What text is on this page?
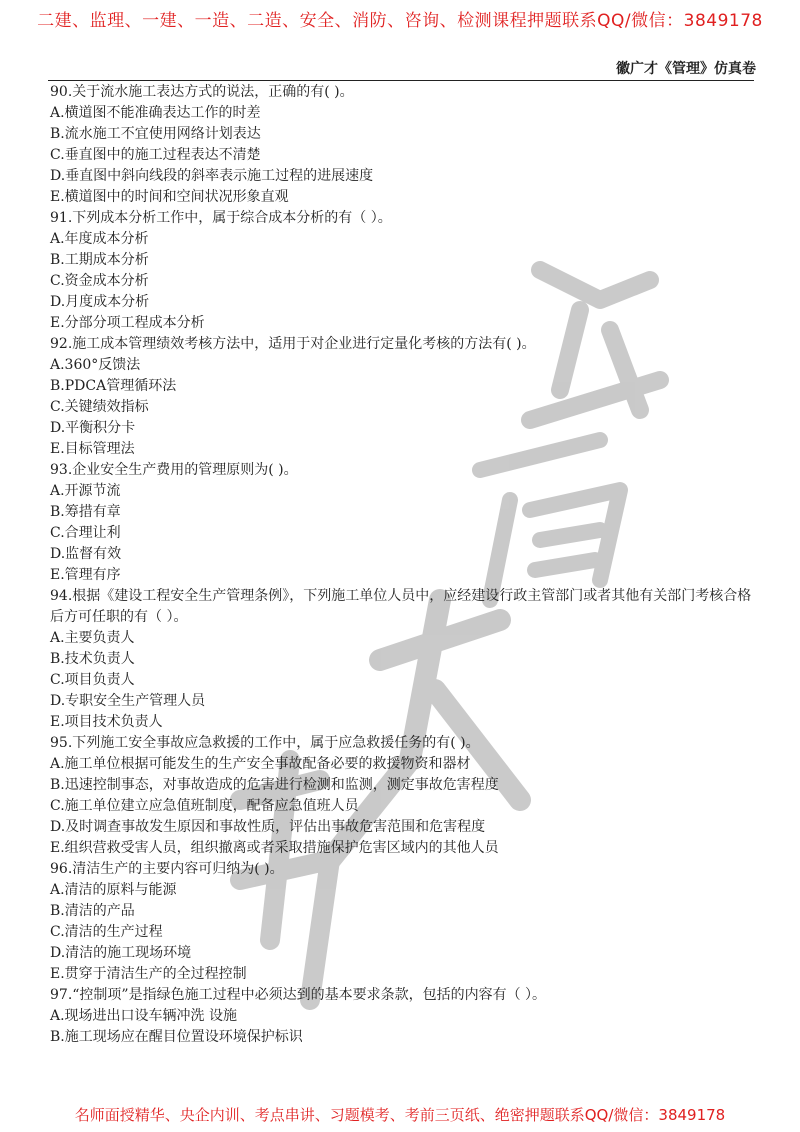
二建、监理、一建、一造、二造、安全、消防、咨询、检测课程押题联系QQ/微信：3849178
徽广才《管理》仿真卷
90.关于流水施工表达方式的说法，正确的有( )。
A.横道图不能准确表达工作的时差
B.流水施工不宜使用网络计划表达
C.垂直图中的施工过程表达不清楚
D.垂直图中斜向线段的斜率表示施工过程的进展速度
E.横道图中的时间和空间状况形象直观
91.下列成本分析工作中，属于综合成本分析的有（ ）。
A.年度成本分析
B.工期成本分析
C.资金成本分析
D.月度成本分析
E.分部分项工程成本分析
92.施工成本管理绩效考核方法中，适用于对企业进行定量化考核的方法有( )。
A.360°反馈法
B.PDCA管理循环法
C.关键绩效指标
D.平衡积分卡
E.目标管理法
93.企业安全生产费用的管理原则为( )。
A.开源节流
B.筹措有章
C.合理让利
D.监督有效
E.管理有序
94.根据《建设工程安全生产管理条例》，下列施工单位人员中，应经建设行政主管部门或者其他有关部门考核合格后方可任职的有（ ）。
A.主要负责人
B.技术负责人
C.项目负责人
D.专职安全生产管理人员
E.项目技术负责人
95.下列施工安全事故应急救援的工作中，属于应急救援任务的有( )。
A.施工单位根据可能发生的生产安全事故配备必要的救援物资和器材
B.迅速控制事态，对事故造成的危害进行检测和监测，测定事故危害程度
C.施工单位建立应急值班制度，配备应急值班人员
D.及时调查事故发生原因和事故性质，评估出事故危害范围和危害程度
E.组织营救受害人员，组织撤离或者采取措施保护危害区域内的其他人员
96.清洁生产的主要内容可归纳为( )。
A.清洁的原料与能源
B.清洁的产品
C.清洁的生产过程
D.清洁的施工现场环境
E.贯穿于清洁生产的全过程控制
97.“控制项”是指绿色施工过程中必须达到的基本要求条款，包括的内容有（ ）。
A.现场进出口设车辆冲洗 设施
B.施工现场应在醒目位置设环境保护标识
名师面授精华、央企内训、考点串讲、习题模考、考前三页纸、绝密押题联系QQ/微信：3849178
